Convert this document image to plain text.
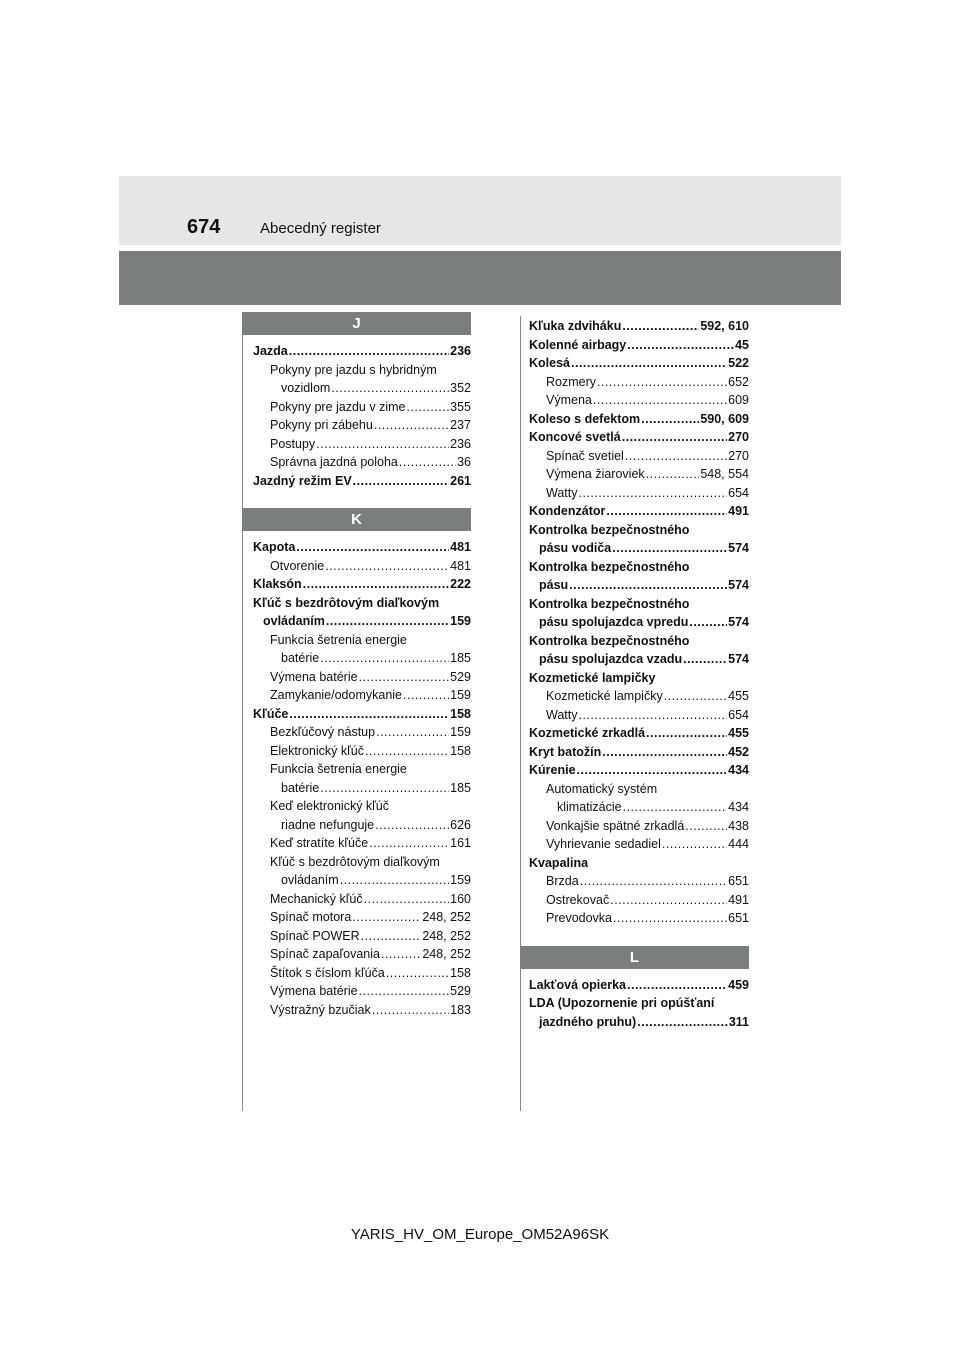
674	Abecedný register
J
Jazda .....	236
Pokyny pre jazdu s hybridným
vozidlom .....	352
Pokyny pre jazdu v zime .....	355
Pokyny pri zábehu .....	237
Postupy .....	236
Správna jazdná poloha .....	36
Jazdný režim EV .....	261
K
Kapota .....	481
Otvorenie .....	481
Klaksón .....	222
Kľúč s bezdrôtovým diaľkovým
ovládaním .....	159
Funkcia šetrenia energie
batérie .....	185
Výmena batérie .....	529
Zamykanie/odomykanie .....	159
Kľúče .....	158
Bezkľúčový nástup .....	159
Elektronický kľúč .....	158
Funkcia šetrenia energie
batérie .....	185
Keď elektronický kľúč
riadne nefunguje .....	626
Keď stratíte kľúče .....	161
Kľúč s bezdrôtovým diaľkovým
ovládaním .....	159
Mechanický kľúč .....	160
Spínač motora .....	248, 252
Spínač POWER .....	248, 252
Spínač zapaľovania .....	248, 252
Štítok s číslom kľúča .....	158
Výmena batérie .....	529
Výstražný bzučiak .....	183
Kľuka zdviháku .....	592, 610
Kolenné airbagy .....	45
Kolesá .....	522
Rozmery .....	652
Výmena .....	609
Koleso s defektom .....	590, 609
Koncové svetlá .....	270
Spínač svetiel .....	270
Výmena žiaroviek .....	548, 554
Watty .....	654
Kondenzátor .....	491
Kontrolka bezpečnostného
pásu vodiča .....	574
Kontrolka bezpečnostného
pásu .....	574
Kontrolka bezpečnostného
pásu spolujazdca vpredu .....	574
Kontrolka bezpečnostného
pásu spolujazdca vzadu .....	574
Kozmetické lampičky
Kozmetické lampičky .....	455
Watty .....	654
Kozmetické zrkadlá .....	455
Kryt batožín .....	452
Kúrenie .....	434
Automatický systém
klimatizácie .....	434
Vonkajšie spätné zrkadlá .....	438
Vyhrievanie sedadiel .....	444
Kvapalina
Brzda .....	651
Ostrekovač .....	491
Prevodovka .....	651
L
Lakťová opierka .....	459
LDA (Upozornenie pri opúšťaní
jazdného pruhu) .....	311
YARIS_HV_OM_Europe_OM52A96SK
